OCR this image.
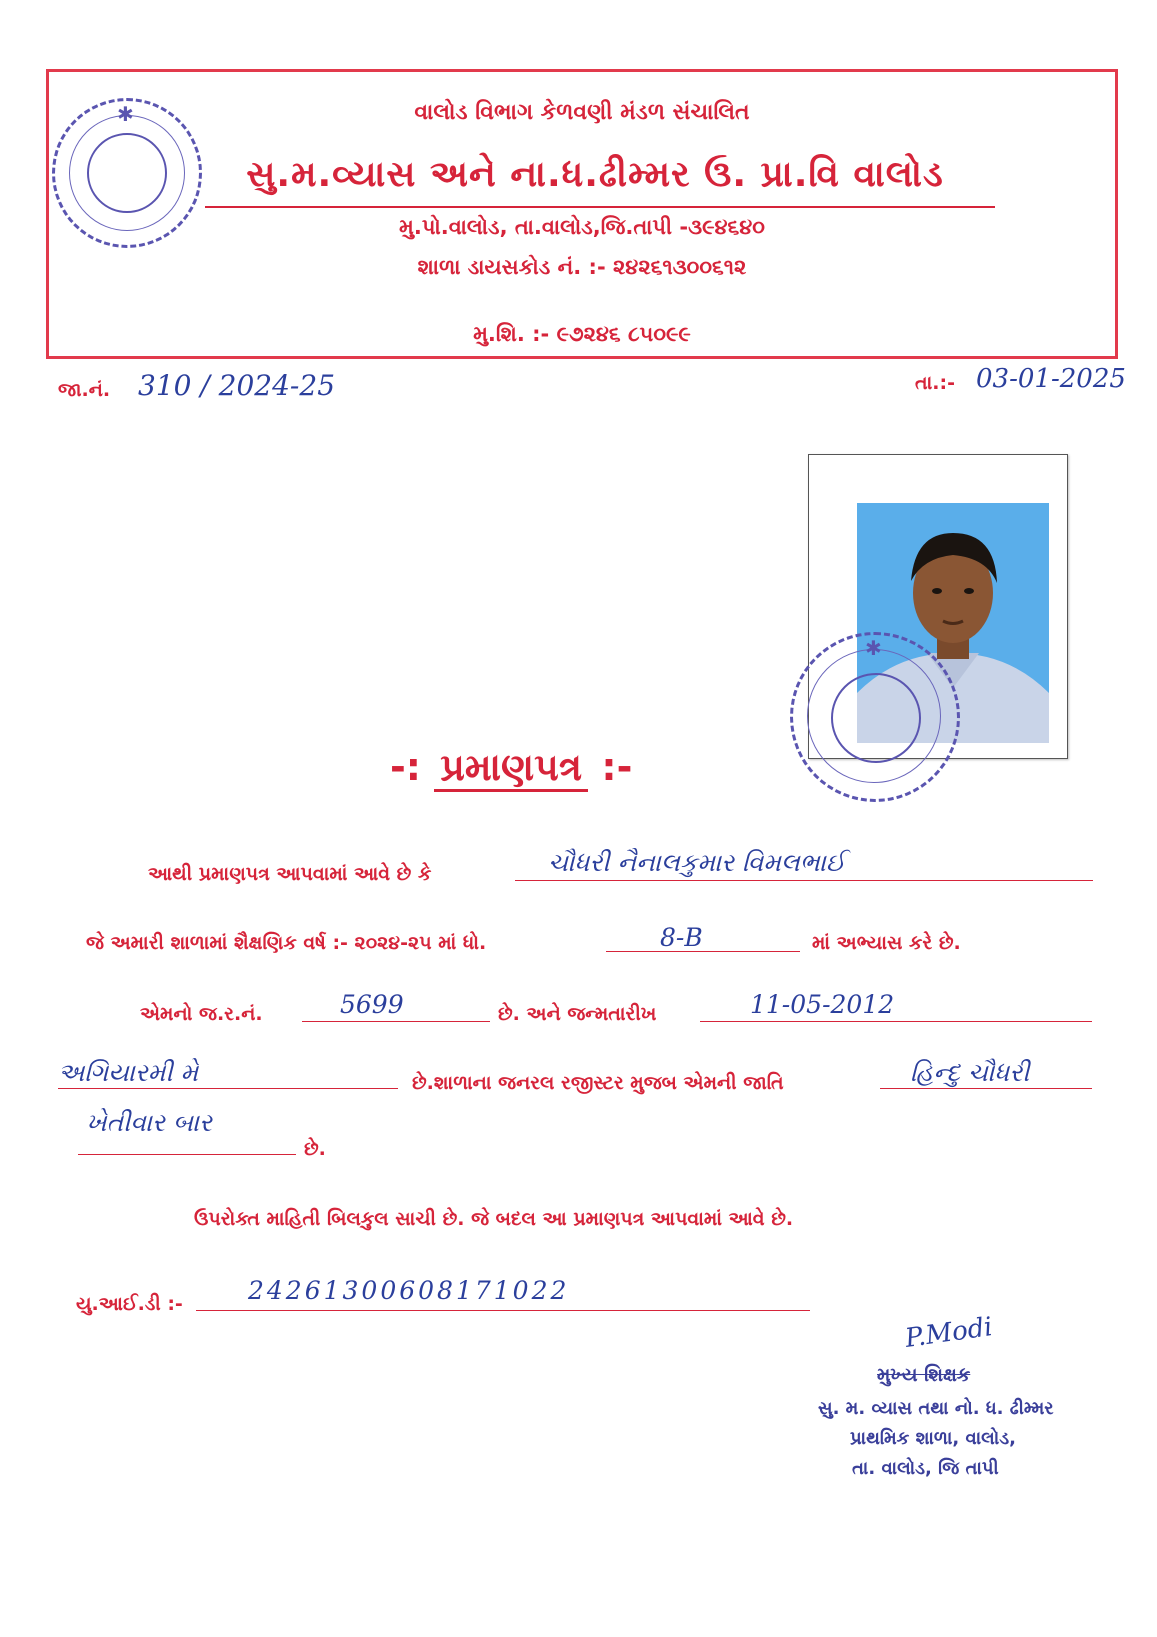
વાલોડ વિભાગ કેળવણી મંડળ સંચાલિત
સુ.મ.વ્યાસ અને ના.ધ.ઢીમ્મર ઉ. પ્રા.વિ વાલોડ
મુ.પો.વાલોડ, તા.વાલોડ,જિ.તાપી -૩૯૪૬૪૦
શાળા ડાયસકોડ નં. :- ૨૪૨૬૧૩૦૦૬૧૨
મુ.શિ. :- ૯૭૨૪૬ ૮૫૦૯૯
✱
જા.નં. 310 / 2024-25	તા.:- 03-01-2025
✱
-: પ્રમાણપત્ર :-
આથી પ્રમાણપત્ર આપવામાં આવે છે કે	ચૌધરી નૈનાલકુમાર વિમલભાઈ
જે અમારી શાળામાં શૈક્ષણિક વર્ષ :- ૨૦૨૪-૨૫ માં ધો.	8-B	માં અભ્યાસ કરે છે.
એમનો જ.ર.નં.	5699	છે. અને જન્મતારીખ	11-05-2012
અગિયારમી મે	છે.શાળાના જનરલ રજીસ્ટર મુજબ એમની જાતિ	હિન્દુ ચૌધરી
ખેતીવાર બાર
છે.
ઉપરોક્ત માહિતી બિલકુલ સાચી છે. જે બદલ આ પ્રમાણપત્ર આપવામાં આવે છે.
યુ.આઈ.ડી :-	24261300608171022
P.Modi
મુખ્ય શિક્ષક
સુ. મ. વ્યાસ તથા નો. ધ. ઢીમ્મર
પ્રાથમિક શાળા, વાલોડ,
તા. વાલોડ, જિ તાપી
